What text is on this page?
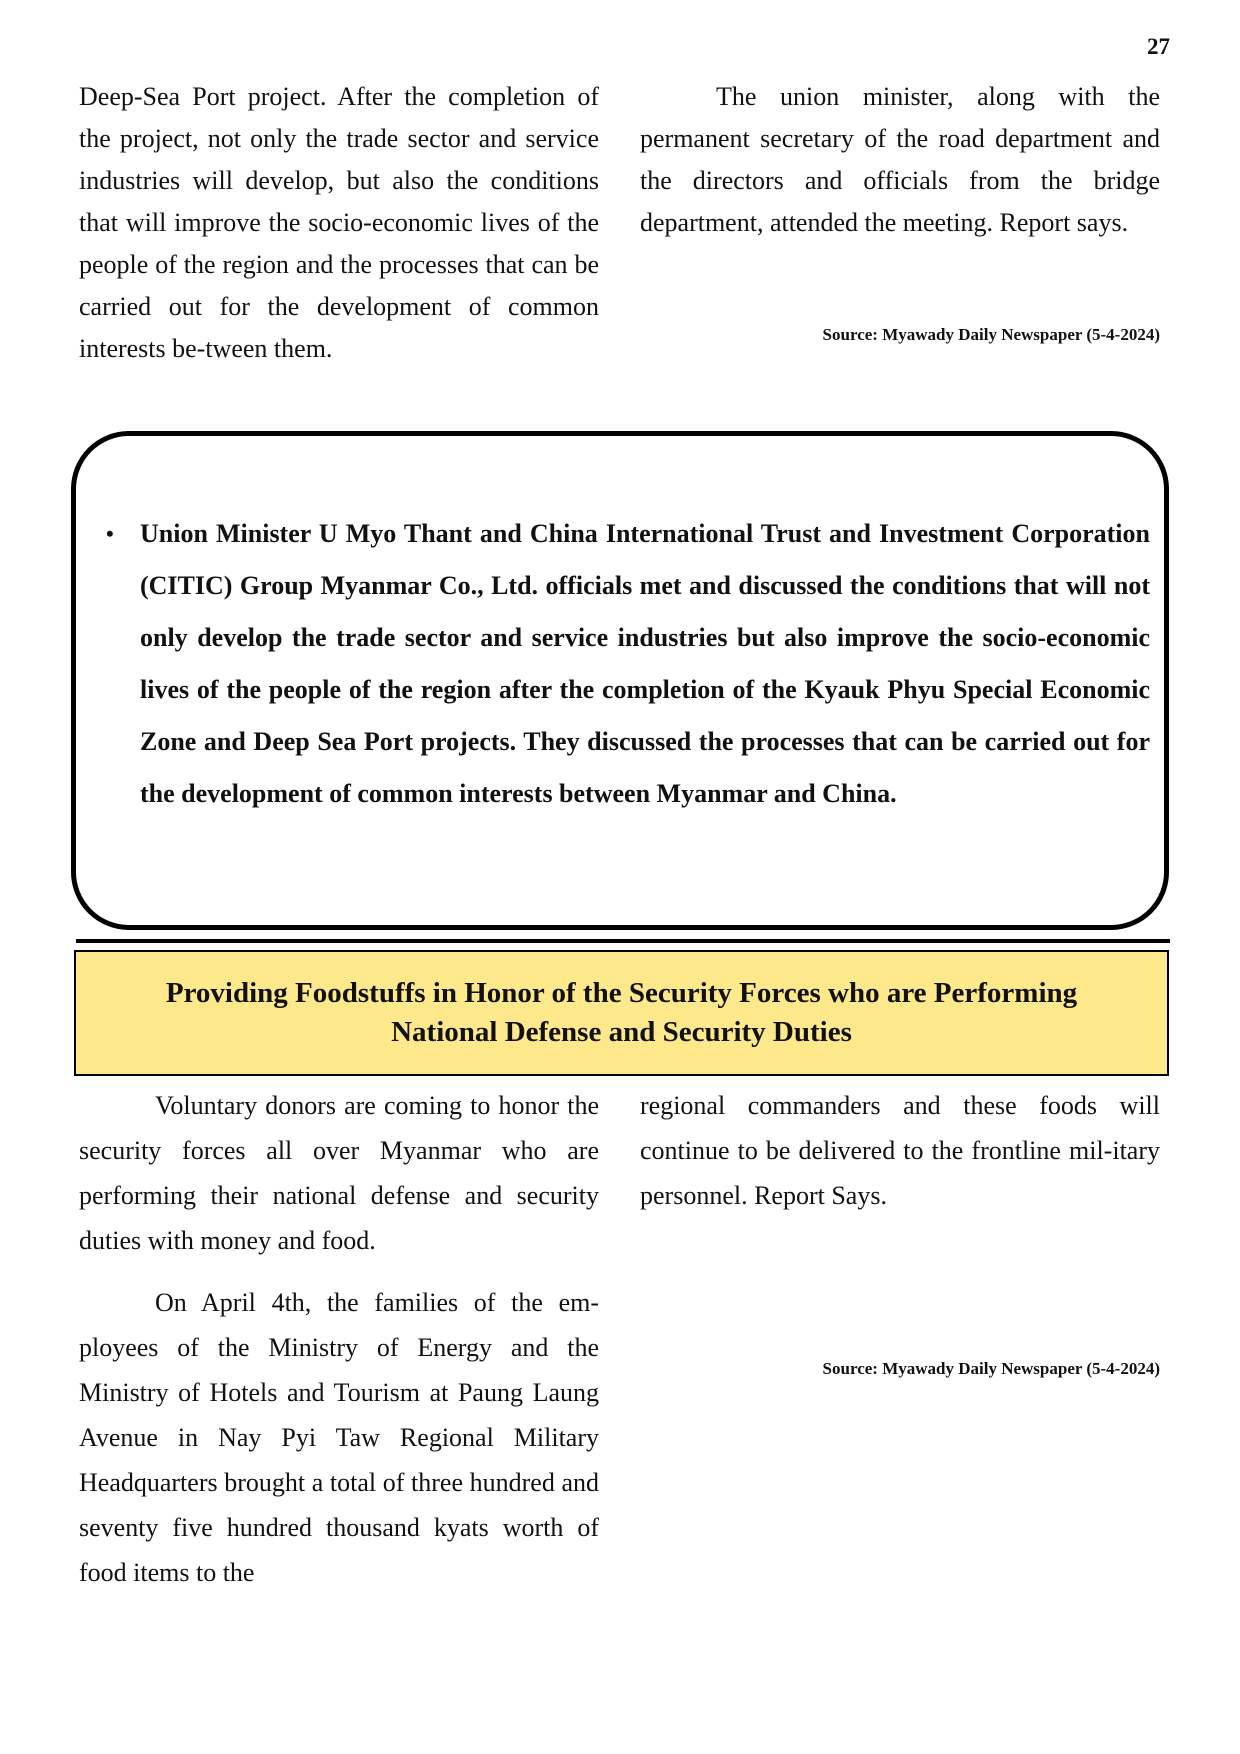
27

Deep-Sea Port project. After the completion of the project, not only the trade sector and service industries will develop, but also the conditions that will improve the socio-economic lives of the people of the region and the processes that can be carried out for the development of common interests be-tween them.

The union minister, along with the permanent secretary of the road department and the directors and officials from the bridge department, attended the meeting. Report says.

Source: Myawady Daily Newspaper (5-4-2024)
• Union Minister U Myo Thant and China International Trust and Investment Corporation (CITIC) Group Myanmar Co., Ltd. officials met and discussed the conditions that will not only develop the trade sector and service industries but also improve the socio-economic lives of the people of the region after the completion of the Kyauk Phyu Special Economic Zone and Deep Sea Port projects. They discussed the processes that can be carried out for the development of common interests between Myanmar and China.
Providing Foodstuffs in Honor of the Security Forces who are Performing National Defense and Security Duties

Voluntary donors are coming to honor the security forces all over Myanmar who are performing their national defense and security duties with money and food.

On April 4th, the families of the em-ployees of the Ministry of Energy and the Ministry of Hotels and Tourism at Paung Laung Avenue in Nay Pyi Taw Regional Military Headquarters brought a total of three hundred and seventy five hundred thousand kyats worth of food items to the

regional commanders and these foods will continue to be delivered to the frontline mil-itary personnel. Report Says.

Source: Myawady Daily Newspaper (5-4-2024)
